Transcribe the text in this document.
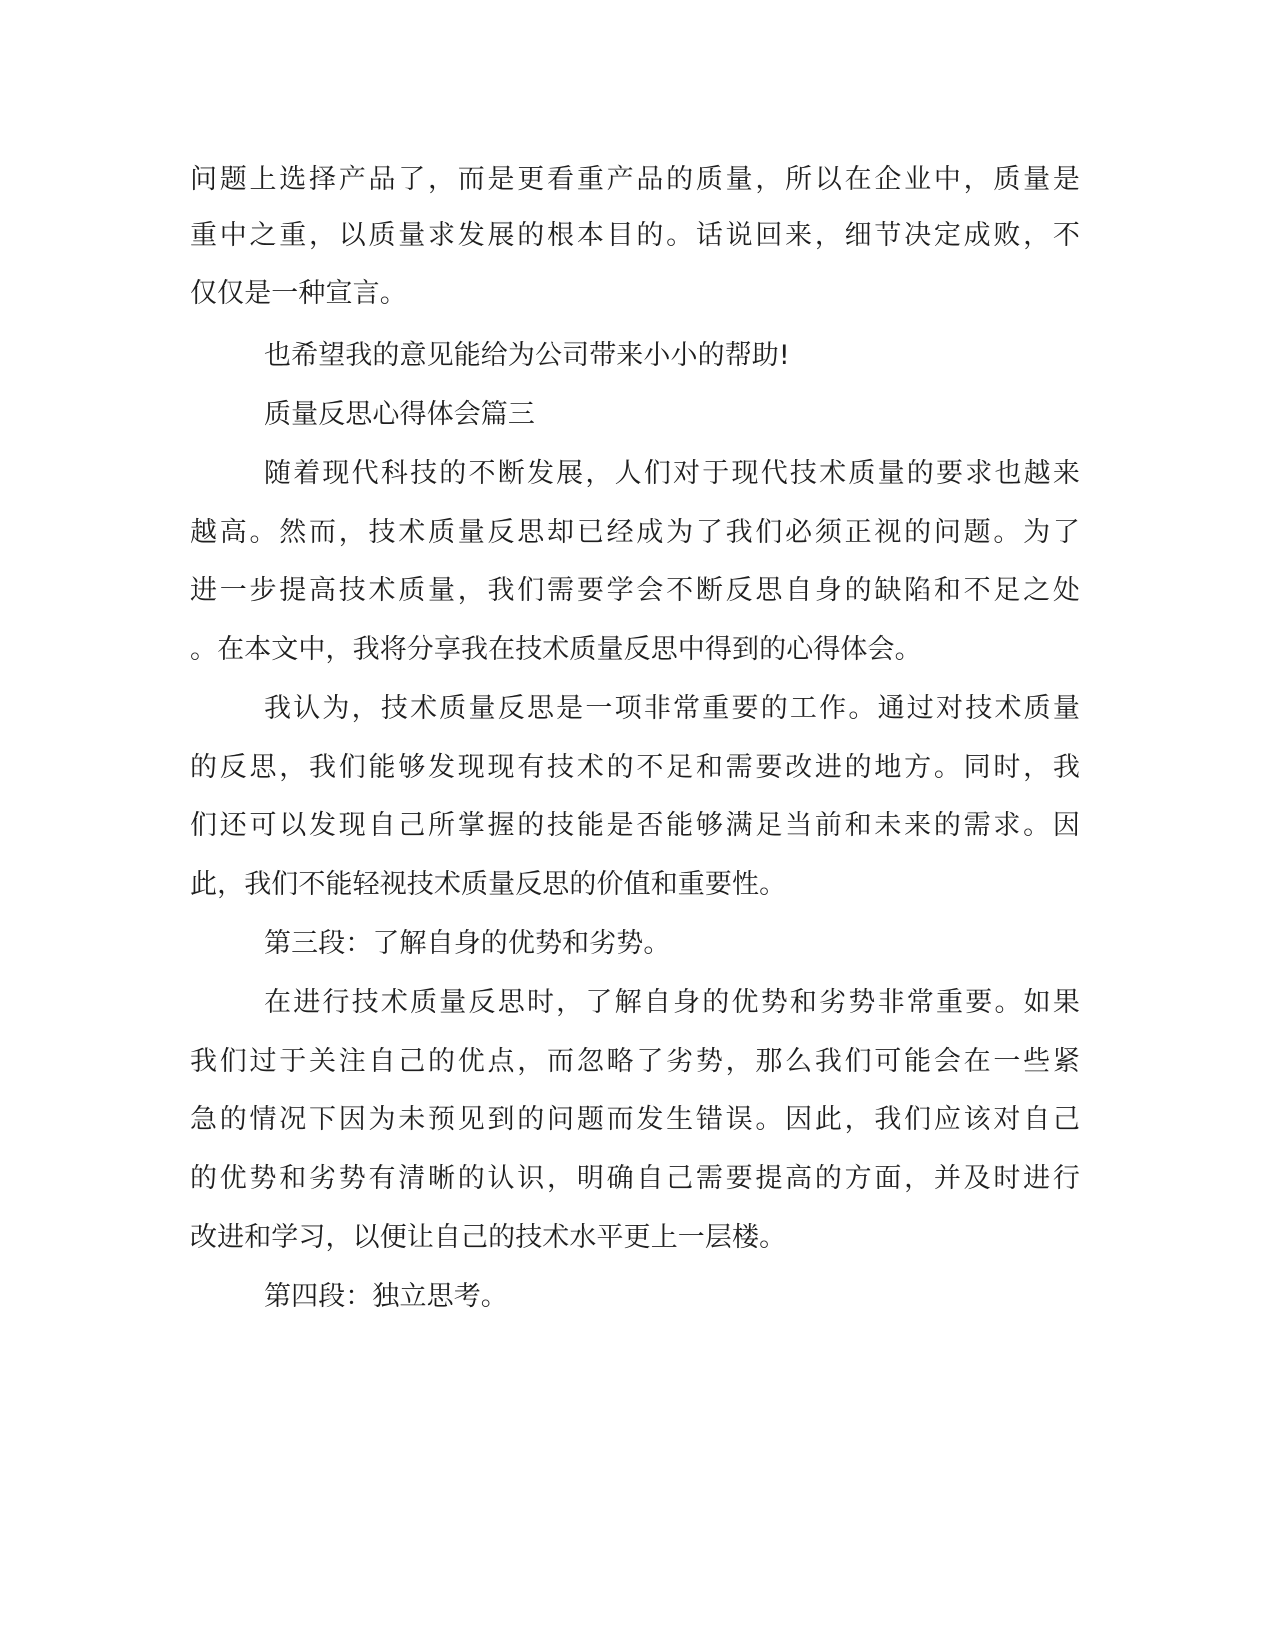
问题上选择产品了，而是更看重产品的质量，所以在企业中，质量是
重中之重，以质量求发展的根本目的。话说回来，细节决定成败，不
仅仅是一种宣言。
也希望我的意见能给为公司带来小小的帮助!
质量反思心得体会篇三
随着现代科技的不断发展，人们对于现代技术质量的要求也越来
越高。然而，技术质量反思却已经成为了我们必须正视的问题。为了
进一步提高技术质量，我们需要学会不断反思自身的缺陷和不足之处
。在本文中，我将分享我在技术质量反思中得到的心得体会。
我认为，技术质量反思是一项非常重要的工作。通过对技术质量
的反思，我们能够发现现有技术的不足和需要改进的地方。同时，我
们还可以发现自己所掌握的技能是否能够满足当前和未来的需求。因
此，我们不能轻视技术质量反思的价值和重要性。
第三段：了解自身的优势和劣势。
在进行技术质量反思时，了解自身的优势和劣势非常重要。如果
我们过于关注自己的优点，而忽略了劣势，那么我们可能会在一些紧
急的情况下因为未预见到的问题而发生错误。因此，我们应该对自己
的优势和劣势有清晰的认识，明确自己需要提高的方面，并及时进行
改进和学习，以便让自己的技术水平更上一层楼。
第四段：独立思考。
